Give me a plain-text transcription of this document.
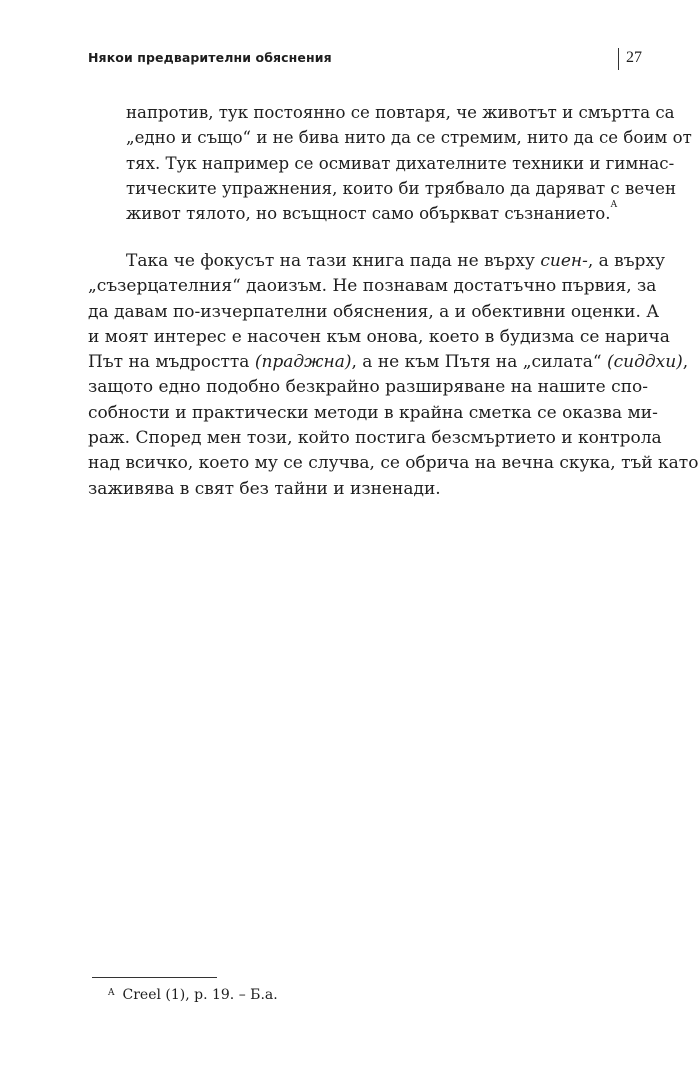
Някои предварителни обяснения	27
напротив, тук постоянно се повтаря, че животът и смъртта са
„едно и също“ и не бива нито да се стремим, нито да се боим от
тях. Тук например се осмиват дихателните техники и гимнас-
тическите упражнения, които би трябвало да даряват с вечен
живот тялото, но всъщност само объркват съзнанието.$^A$
Така че фокусът на тази книга пада не върху сиен-, а върху
„съзерцателния“ даоизъм. Не познавам достатъчно първия, за
да давам по-изчерпателни обяснения, а и обективни оценки. А
и моят интерес е насочен към онова, което в будизма се нарича
Път на мъдростта (праджна), а не към Пътя на „силата“ (сиддхи),
защото едно подобно безкрайно разширяване на нашите спо-
собности и практически методи в крайна сметка се оказва ми-
раж. Според мен този, който постига безсмъртието и контрола
над всичко, което му се случва, се обрича на вечна скука, тъй като
заживява в свят без тайни и изненади.
$^A$ Creel (1), p. 19. – Б.а.
